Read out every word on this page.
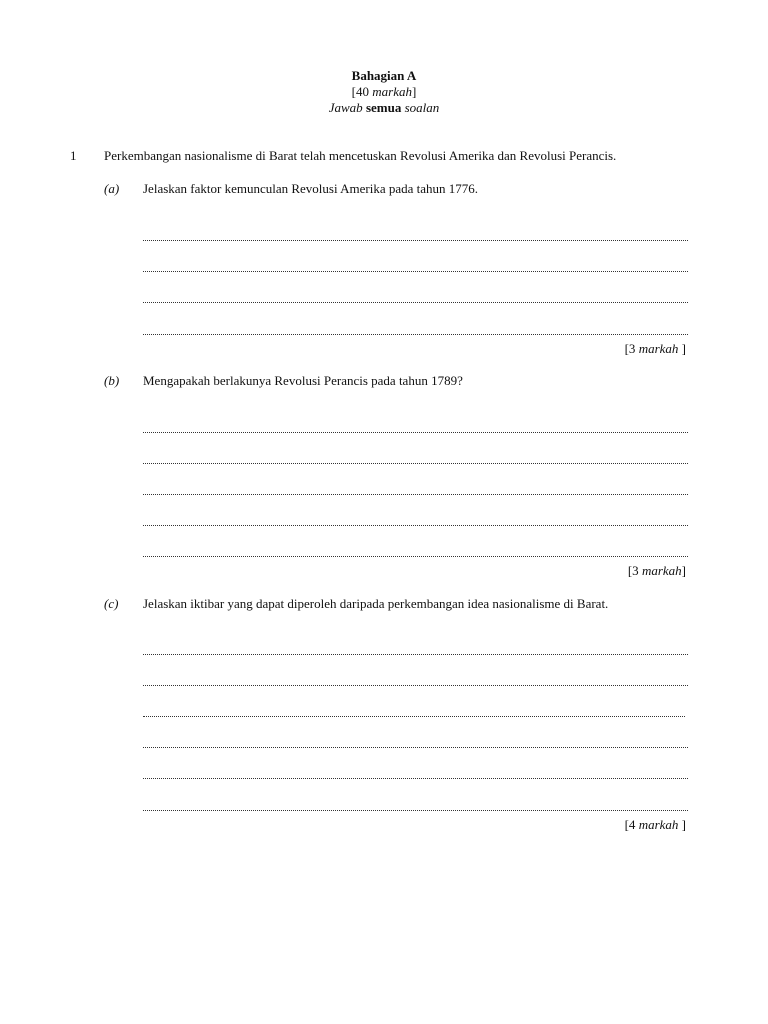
Bahagian A
[40 markah]
Jawab semua soalan
1 Perkembangan nasionalisme di Barat telah mencetuskan Revolusi Amerika dan Revolusi Perancis.
(a) Jelaskan faktor kemunculan Revolusi Amerika pada tahun 1776.
[3 markah ]
(b) Mengapakah berlakunya Revolusi Perancis pada tahun 1789?
[3 markah]
(c) Jelaskan iktibar yang dapat diperoleh daripada perkembangan idea nasionalisme di Barat.
[4 markah ]
